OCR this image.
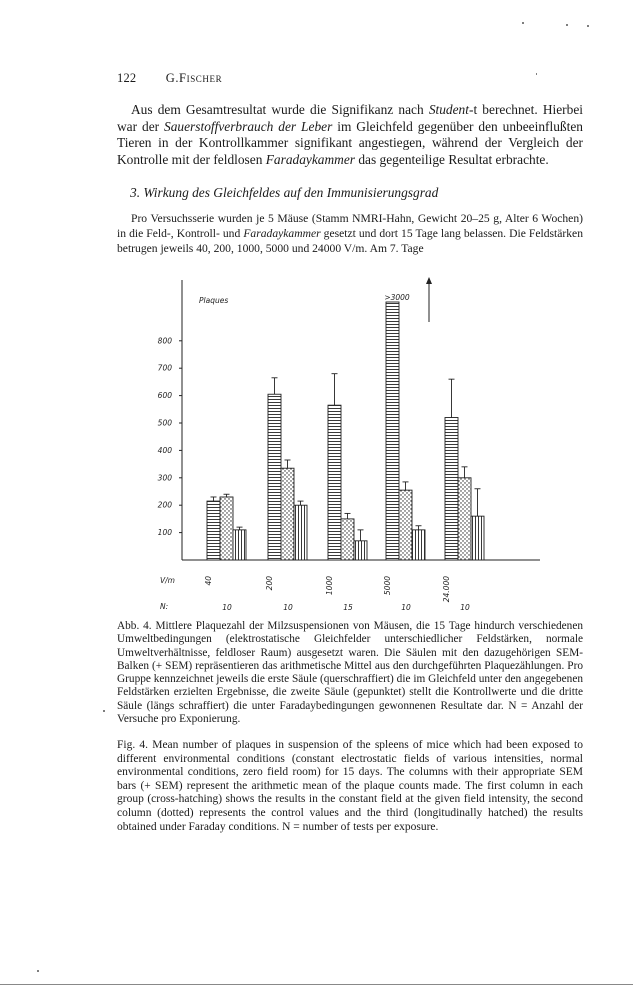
122 G.Fischer

Aus dem Gesamtresultat wurde die Signifikanz nach Student-t berechnet. Hierbei war der Sauerstoffverbrauch der Leber im Gleichfeld gegenüber den unbeeinflußten Tieren in der Kontrollkammer signifikant angestiegen, während der Vergleich der Kontrolle mit der feldlosen Faradaykammer das gegenteilige Resultat erbrachte.

3. Wirkung des Gleichfeldes auf den Immunisierungsgrad

Pro Versuchsserie wurden je 5 Mäuse (Stamm NMRI-Hahn, Gewicht 20–25 g, Alter 6 Wochen) in die Feld-, Kontroll- und Faradaykammer gesetzt und dort 15 Tage lang belassen. Die Feldstärken betrugen jeweils 40, 200, 1000, 5000 und 24000 V/m. Am 7. Tage

100
200
300
400
500
600
700
800
Plaques	>3000
V/m	40	200	1000	5000	24.000
N:	10	10	15	10	10

Abb. 4. Mittlere Plaquezahl der Milzsuspensionen von Mäusen, die 15 Tage hindurch verschiedenen Umweltbedingungen (elektrostatische Gleichfelder unterschiedlicher Feldstärken, normale Umweltverhältnisse, feldloser Raum) ausgesetzt waren. Die Säulen mit den dazugehörigen SEM-Balken (+ SEM) repräsentieren das arithmetische Mittel aus den durchgeführten Plaquezählungen. Pro Gruppe kennzeichnet jeweils die erste Säule (querschraffiert) die im Gleichfeld unter den angegebenen Feldstärken erzielten Ergebnisse, die zweite Säule (gepunktet) stellt die Kontrollwerte und die dritte Säule (längs schraffiert) die unter Faradaybedingungen gewonnenen Resultate dar. N = Anzahl der Versuche pro Exponierung.

Fig. 4. Mean number of plaques in suspension of the spleens of mice which had been exposed to different environmental conditions (constant electrostatic fields of various intensities, normal environmental conditions, zero field room) for 15 days. The columns with their appropriate SEM bars (+ SEM) represent the arithmetic mean of the plaque counts made. The first column in each group (cross-hatching) shows the results in the constant field at the given field intensity, the second column (dotted) represents the control values and the third (longitudinally hatched) the results obtained under Faraday conditions. N = number of tests per exposure.
